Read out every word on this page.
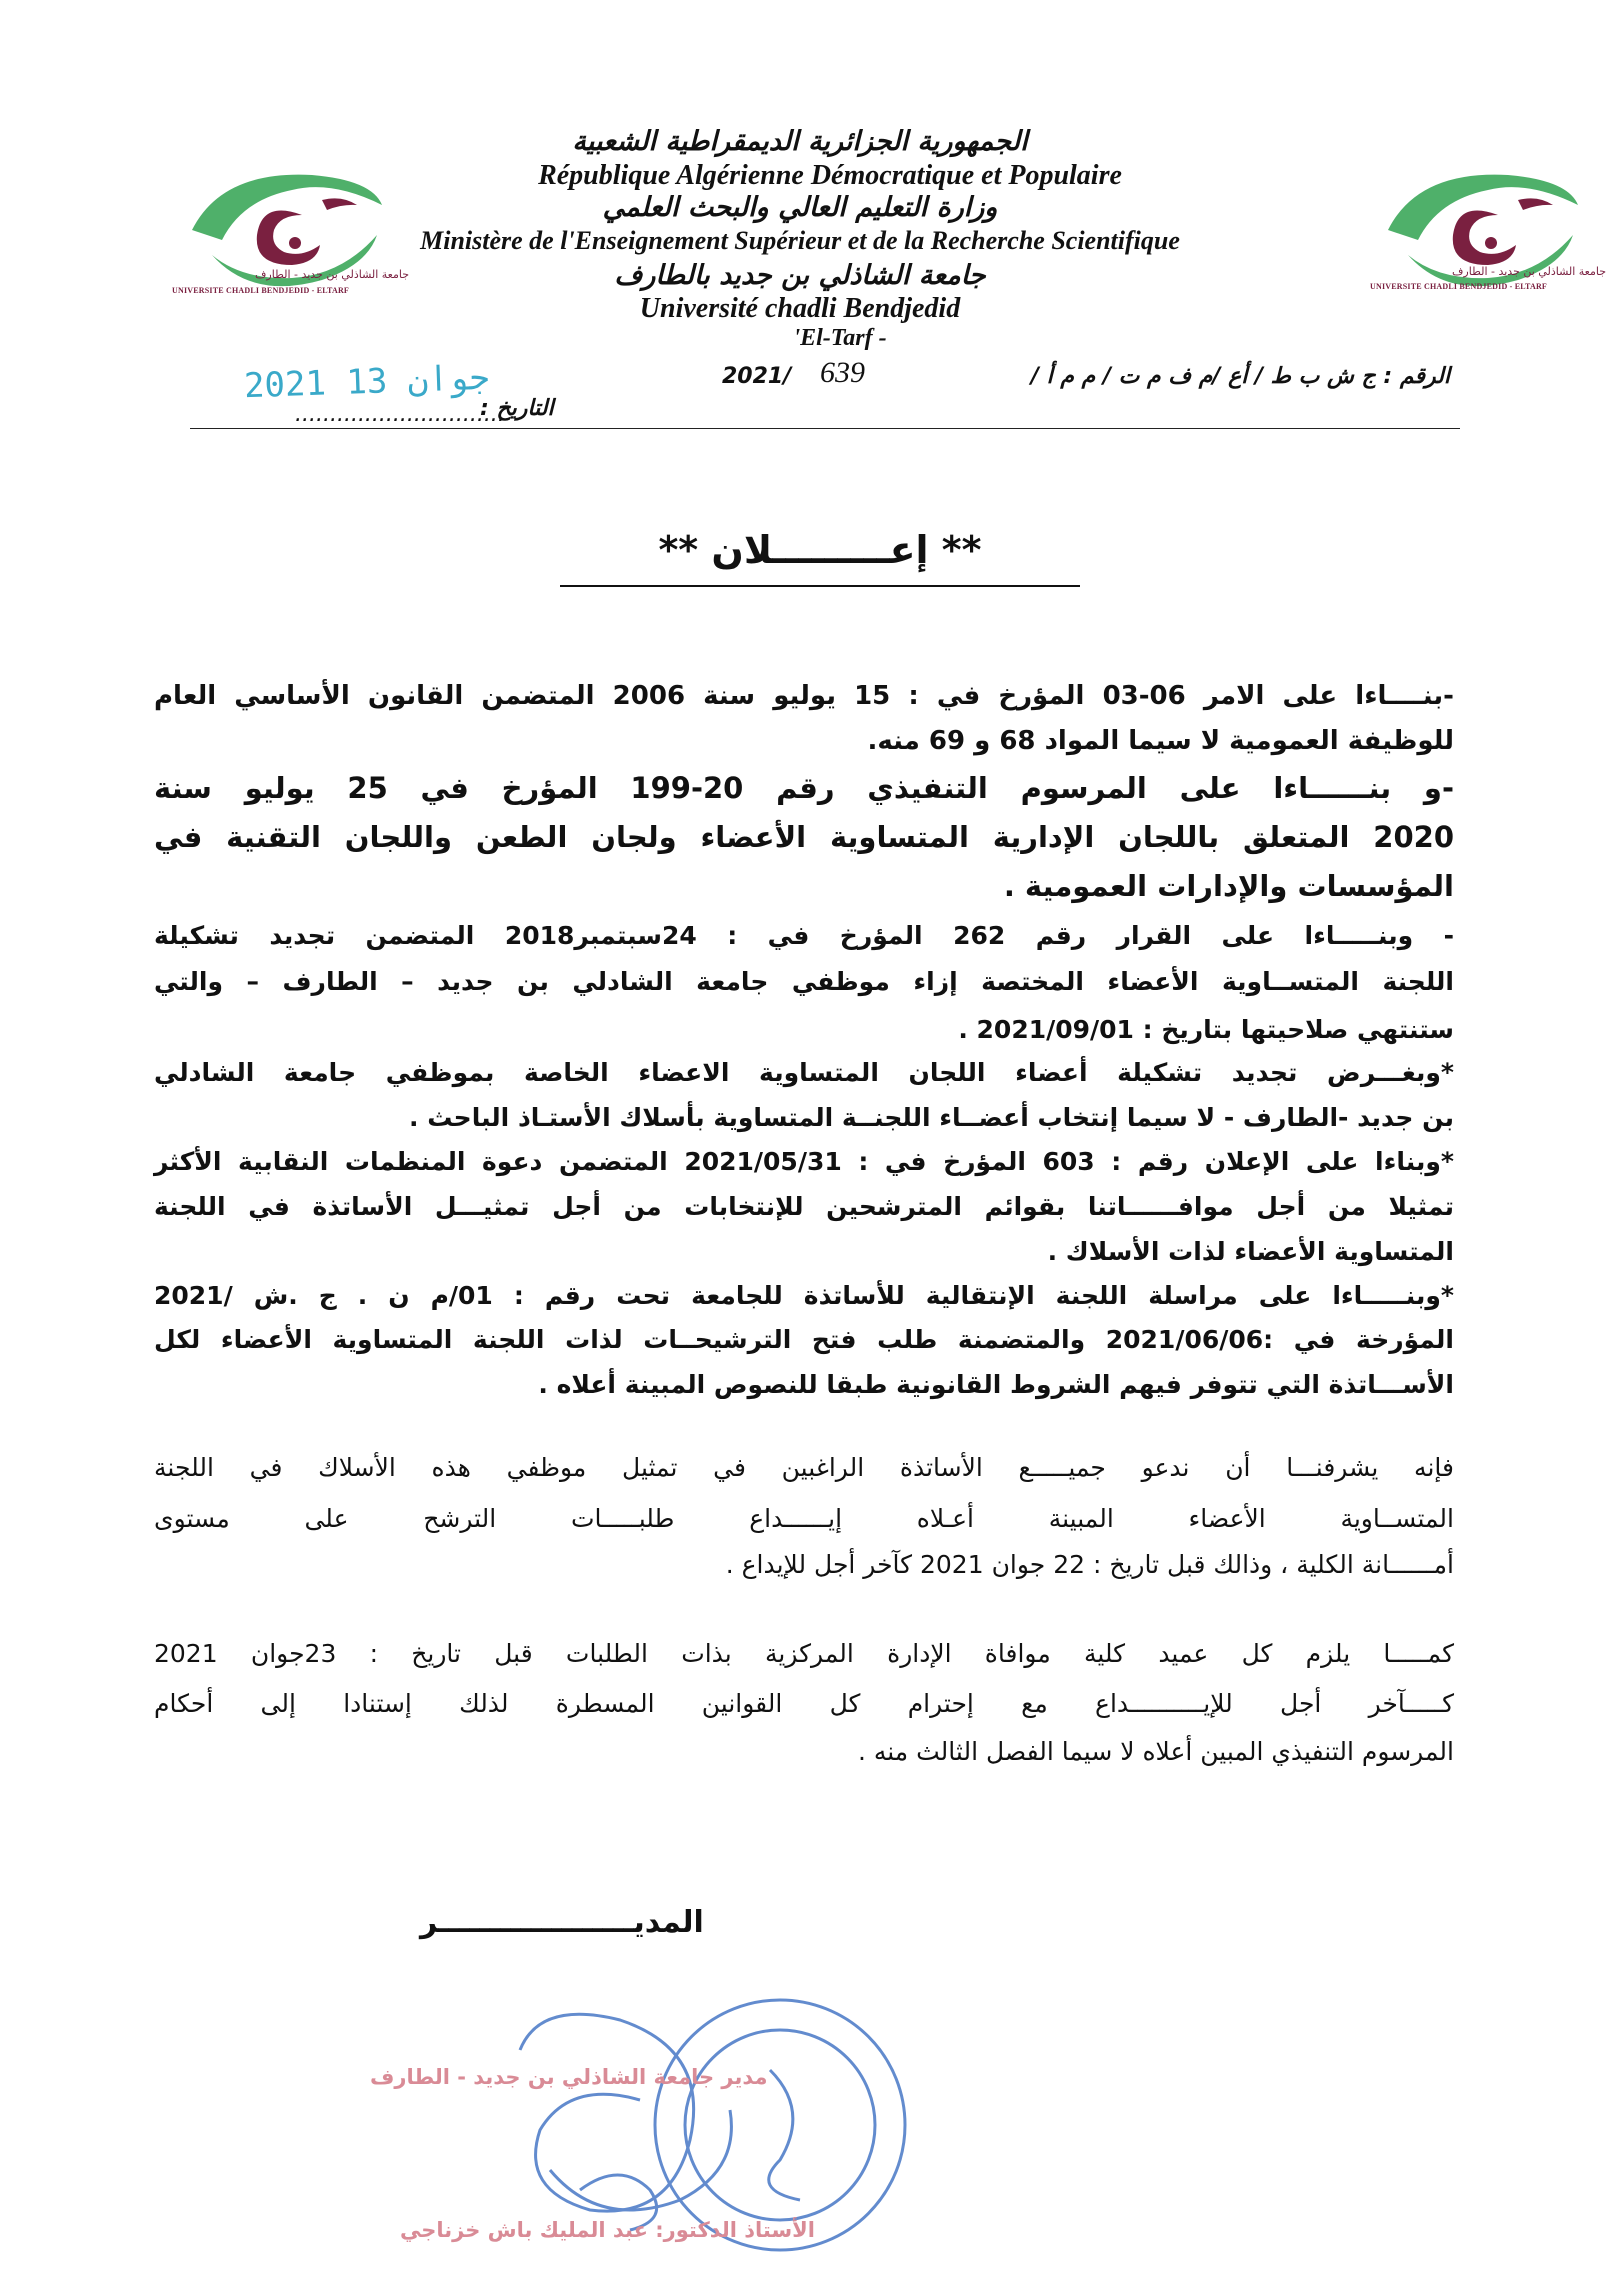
جامعة الشاذلي بن جديد - الطارف
UNIVERSITE CHADLI BENDJEDID - ELTARF
جامعة الشاذلي بن جديد - الطارف
UNIVERSITE CHADLI BENDJEDID - ELTARF
الجمهورية الجزائرية الديمقراطية الشعبية
République Algérienne Démocratique et Populaire
وزارة التعليم العالي والبحث العلمي
Ministère de l'Enseignement Supérieur et de la Recherche Scientifique
جامعة الشاذلي بن جديد بالطارف
Université chadli Bendjedid
'El-Tarf -
2021/ 639	الرقم : ج ش ب ط / أع /م ف م ت / م م أ /
2021 جوان 13
..............................
التاريخ :
** إعـــــــــلان **
-بنــــاءا على الامر 06-03 المؤرخ في : 15 يوليو سنة 2006 المتضمن القانون الأساسي العام
للوظيفة العمومية لا سيما المواد 68 و 69 منه.
-و بنــــــاءا على المرسوم التنفيذي رقم 20-199 المؤرخ في 25 يوليو سنة
2020 المتعلق باللجان الإدارية المتساوية الأعضاء ولجان الطعن واللجان التقنية في
المؤسسات والإدارات العمومية .
- وبنـــــاءا على القرار رقم 262 المؤرخ في : 24سبتمبر2018 المتضمن تجديد تشكيلة
اللجنة المتســاوية الأعضاء المختصة إزاء موظفي جامعة الشادلي بن جديد – الطارف – والتي
ستنتهي صلاحيتها بتاريخ : 2021/09/01 .
*وبغـــرض تجديد تشكيلة أعضاء اللجان المتساوية الاعضاء الخاصة بموظفي جامعة الشادلي
بن جديد -الطارف - لا سيما إنتخاب أعضــاء اللجنــة المتساوية بأسلاك الأستـاذ الباحث .
*وبناءا على الإعلان رقم : 603 المؤرخ في : 2021/05/31 المتضمن دعوة المنظمات النقابية الأكثر
تمثيلا من أجل موافــــــاتنا بقوائم المترشحين للإنتخابات من أجل تمثيـــل الأساتذة في اللجنة
المتساوية الأعضاء لذات الأسلاك .
*وبنـــــاءا على مراسلة اللجنة الإنتقالية للأساتذة للجامعة تحت رقم : 01/م ن . ج .ش /2021
المؤرخة في :2021/06/06 والمتضمنة طلب فتح الترشيحــات لذات اللجنة المتساوية الأعضاء لكل
الأســـاتذة التي تتوفر فيهم الشروط القانونية طبقا للنصوص المبينة أعلاه .
فإنه يشرفنـــا أن ندعو جميـــــع الأساتذة الراغبين في تمثيل موظفي هذه الأسلاك في اللجنة
المتســاوية الأعضاء المبينة أعـلاه إيــــــداع طلبـــــات الترشح على مستوى
أمــــــانة الكلية ، وذالك قبل تاريخ : 22 جوان 2021 كآخر أجل للإيداع .
كمـــــا يلزم كل عميد كلية موافاة الإدارة المركزية بذات الطلبات قبل تاريخ : 23جوان 2021
كـــــآخر أجل للإيــــــــــداع مع إحترام كل القوانين المسطرة لذلك إستنادا إلى أحكام
المرسوم التنفيذي المبين أعلاه لا سيما الفصل الثالث منه .
المديـــــــــــــــــــر
مدير جامعة الشاذلي بن جديد - الطارف
الأستاذ الدكتور: عبد المليك باش خزناجي
